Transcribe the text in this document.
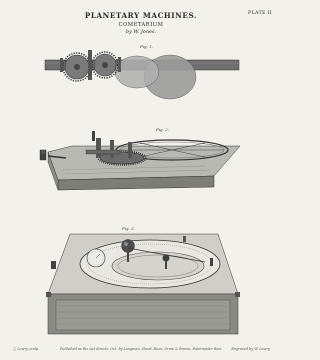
PLANETARY MACHINES.	PLATE II
COMETARIUM
by W. Jones.
Fig. 1.
Fig. 2.
Fig. 3.
J. Lowry sculp.	Published as the Act directs, Oct. by Longman, Hurst, Rees, Orme & Brown, Paternoster Row.	Engraved by W. Lowry
